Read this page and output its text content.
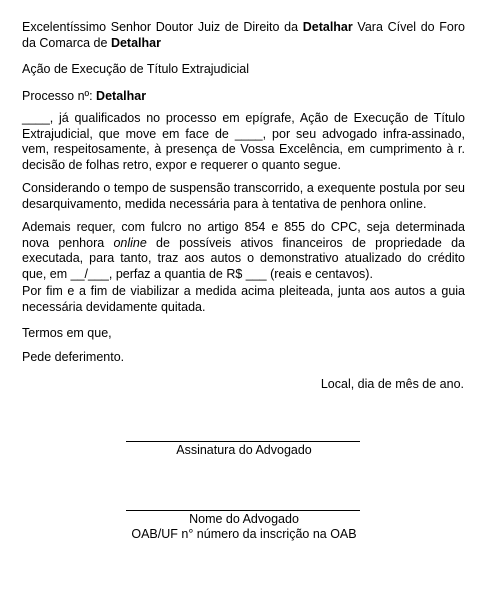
Excelentíssimo Senhor Doutor Juiz de Direito da Detalhar Vara Cível do Foro da Comarca de Detalhar

Ação de Execução de Título Extrajudicial

Processo nº: Detalhar

____, já qualificados no processo em epígrafe, Ação de Execução de Título Extrajudicial, que move em face de ____, por seu advogado infra-assinado, vem, respeitosamente, à presença de Vossa Excelência, em cumprimento à r. decisão de folhas retro, expor e requerer o quanto segue.

Considerando o tempo de suspensão transcorrido, a exequente postula por seu desarquivamento, medida necessária para à tentativa de penhora online.

Ademais requer, com fulcro no artigo 854 e 855 do CPC, seja determinada nova penhora online de possíveis ativos financeiros de propriedade da executada, para tanto, traz aos autos o demonstrativo atualizado do crédito que, em __/___, perfaz a quantia de R$ ___ (reais e centavos).

Por fim e a fim de viabilizar a medida acima pleiteada, junta aos autos a guia necessária devidamente quitada.

Termos em que,

Pede deferimento.

Local, dia de mês de ano.

Assinatura do Advogado

Nome do Advogado

OAB/UF n° número da inscrição na OAB
